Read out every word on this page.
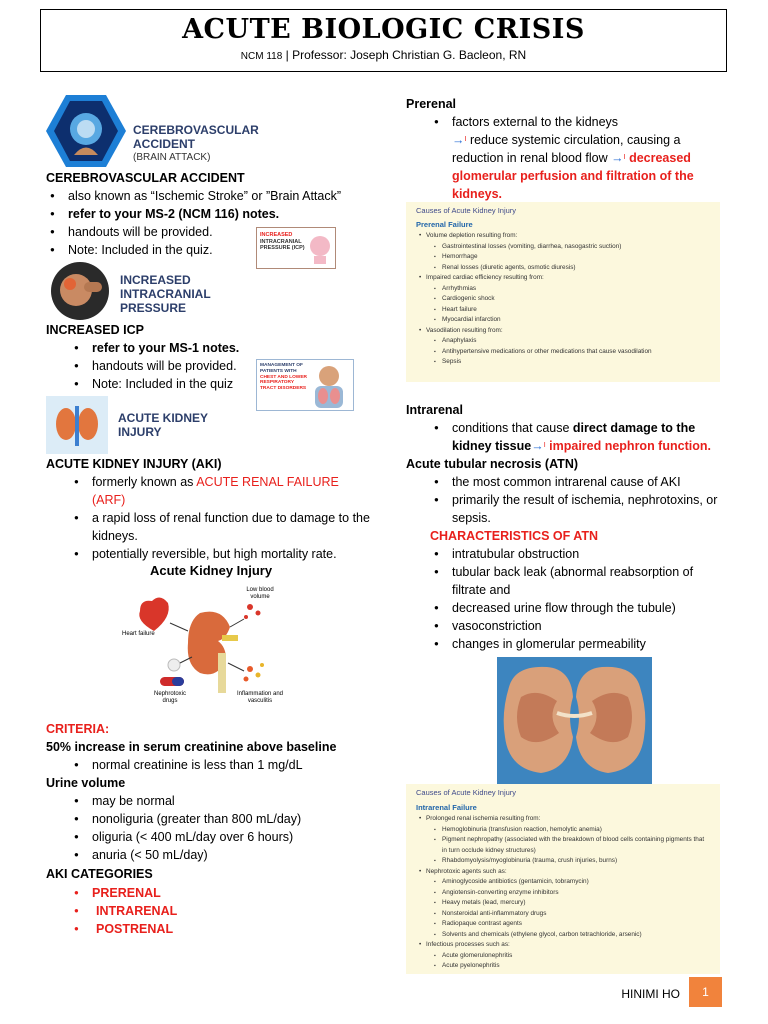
ACUTE BIOLOGIC CRISIS
NCM 118 | Professor: Joseph Christian G. Bacleon, RN
CEREBROVASCULAR
ACCIDENT
(BRAIN ATTACK)
CEREBROVASCULAR ACCIDENT
● also known as “Ischemic Stroke” or ”Brain Attack”
● refer to your MS-2 (NCM 116) notes.
● handouts will be provided.
● Note: Included in the quiz.
INCREASED
INTRACRANIAL
PRESSURE (ICP)
INCREASED
INTRACRANIAL
PRESSURE
INCREASED ICP
● refer to your MS-1 notes.
● handouts will be provided.
● Note: Included in the quiz
MANAGEMENT OF
PATIENTS WITH
CHEST AND LOWER
RESPIRATORY
TRACT DISORDERS
ACUTE KIDNEY
INJURY
ACUTE KIDNEY INJURY (AKI)
● formerly known as ACUTE RENAL FAILURE (ARF)
● a rapid loss of renal function due to damage to the kidneys.
● potentially reversible, but high mortality rate.
Acute Kidney Injury
Low blood volume
Heart failure
Nephrotoxic drugs
Inflammation and vasculitis
CRITERIA:
50% increase in serum creatinine above baseline
● normal creatinine is less than 1 mg/dL
Urine volume
● may be normal
● nonoliguria (greater than 800 mL/day)
● oliguria (< 400 mL/day over 6 hours)
● anuria (< 50 mL/day)
AKI CATEGORIES
● PRERENAL
● INTRARENAL
● POSTRENAL
Prerenal
● factors external to the kidneys
→$^I$ reduce systemic circulation, causing a
reduction in renal blood flow →$^I$ decreased
glomerular perfusion and filtration of the
kidneys.
Causes of Acute Kidney Injury
Prerenal Failure
• Volume depletion resulting from:
▪ Gastrointestinal losses (vomiting, diarrhea, nasogastric suction)
▪ Hemorrhage
▪ Renal losses (diuretic agents, osmotic diuresis)
• Impaired cardiac efficiency resulting from:
▪ Arrhythmias
▪ Cardiogenic shock
▪ Heart failure
▪ Myocardial infarction
• Vasodilation resulting from:
▪ Anaphylaxis
▪ Antihypertensive medications or other medications that cause vasodilation
▪ Sepsis
Intrarenal
● conditions that cause direct damage to the
kidney tissue→$^I$ impaired nephron function.
Acute tubular necrosis (ATN)
● the most common intrarenal cause of AKI
● primarily the result of ischemia, nephrotoxins, or sepsis.
CHARACTERISTICS OF ATN
● intratubular obstruction
● tubular back leak (abnormal reabsorption of filtrate and
● decreased urine flow through the tubule)
● vasoconstriction
● changes in glomerular permeability
Causes of Acute Kidney Injury
Intrarenal Failure
• Prolonged renal ischemia resulting from:
▪ Hemoglobinuria (transfusion reaction, hemolytic anemia)
▪ Pigment nephropathy (associated with the breakdown of blood cells containing pigments that in turn occlude kidney structures)
▪ Rhabdomyolysis/myoglobinuria (trauma, crush injuries, burns)
• Nephrotoxic agents such as:
▪ Aminoglycoside antibiotics (gentamicin, tobramycin)
▪ Angiotensin-converting enzyme inhibitors
▪ Heavy metals (lead, mercury)
▪ Nonsteroidal anti-inflammatory drugs
▪ Radiopaque contrast agents
▪ Solvents and chemicals (ethylene glycol, carbon tetrachloride, arsenic)
• Infectious processes such as:
▪ Acute glomerulonephritis
▪ Acute pyelonephritis
HINIMI HO	1
